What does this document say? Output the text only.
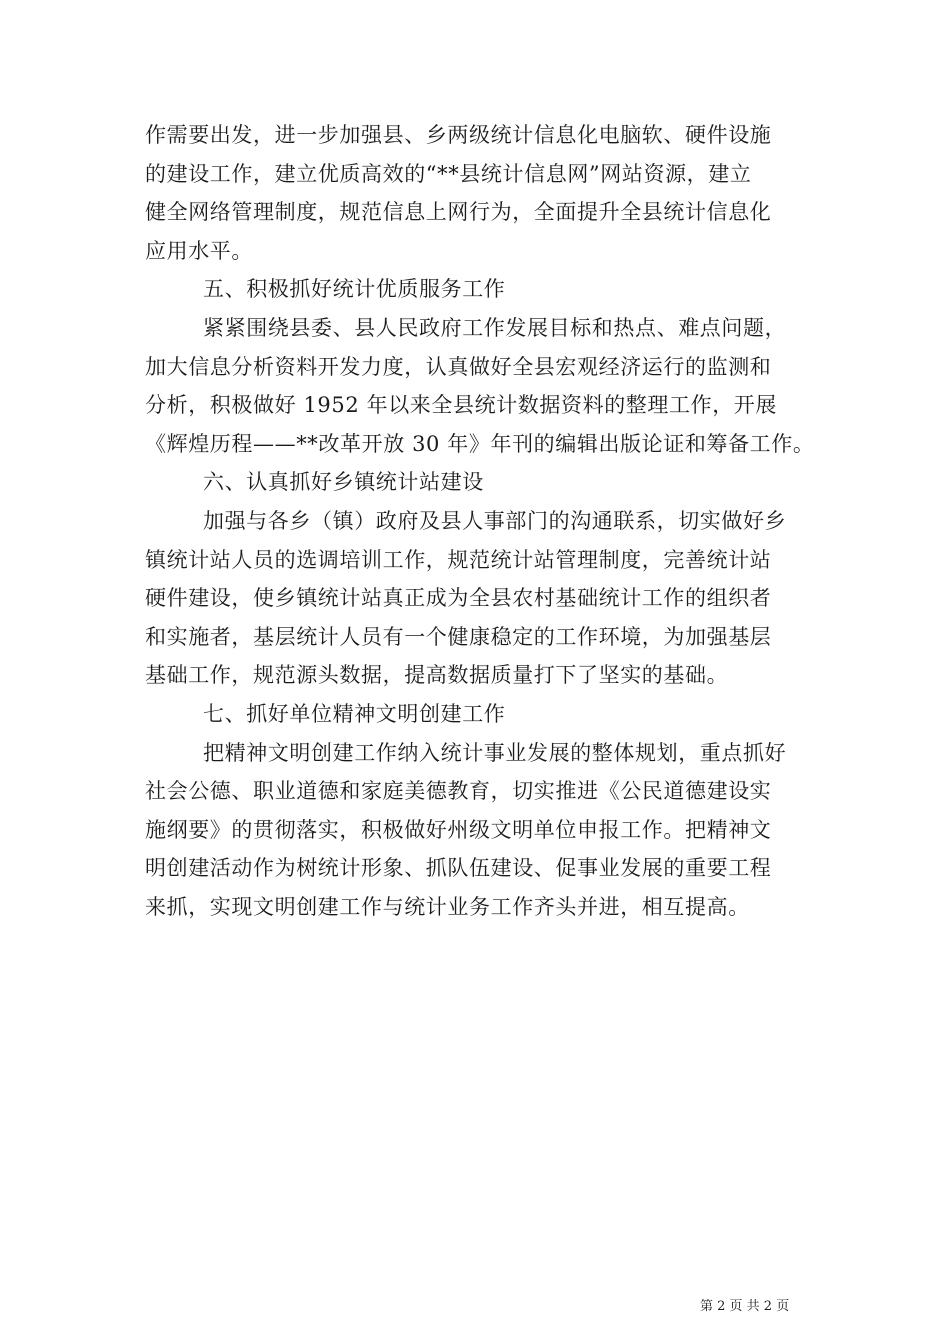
作需要出发，进一步加强县、乡两级统计信息化电脑软、硬件设施
的建设工作，建立优质高效的“**县统计信息网”网站资源，建立
健全网络管理制度，规范信息上网行为，全面提升全县统计信息化
应用水平。
五、积极抓好统计优质服务工作
紧紧围绕县委、县人民政府工作发展目标和热点、难点问题，
加大信息分析资料开发力度，认真做好全县宏观经济运行的监测和
分析，积极做好 1952 年以来全县统计数据资料的整理工作，开展
《辉煌历程——**改革开放 30 年》年刊的编辑出版论证和筹备工作。
六、认真抓好乡镇统计站建设
加强与各乡（镇）政府及县人事部门的沟通联系，切实做好乡
镇统计站人员的选调培训工作，规范统计站管理制度，完善统计站
硬件建设，使乡镇统计站真正成为全县农村基础统计工作的组织者
和实施者，基层统计人员有一个健康稳定的工作环境，为加强基层
基础工作，规范源头数据，提高数据质量打下了坚实的基础。
七、抓好单位精神文明创建工作
把精神文明创建工作纳入统计事业发展的整体规划，重点抓好
社会公德、职业道德和家庭美德教育，切实推进《公民道德建设实
施纲要》的贯彻落实，积极做好州级文明单位申报工作。把精神文
明创建活动作为树统计形象、抓队伍建设、促事业发展的重要工程
来抓，实现文明创建工作与统计业务工作齐头并进，相互提高。
第 2 页 共 2 页
